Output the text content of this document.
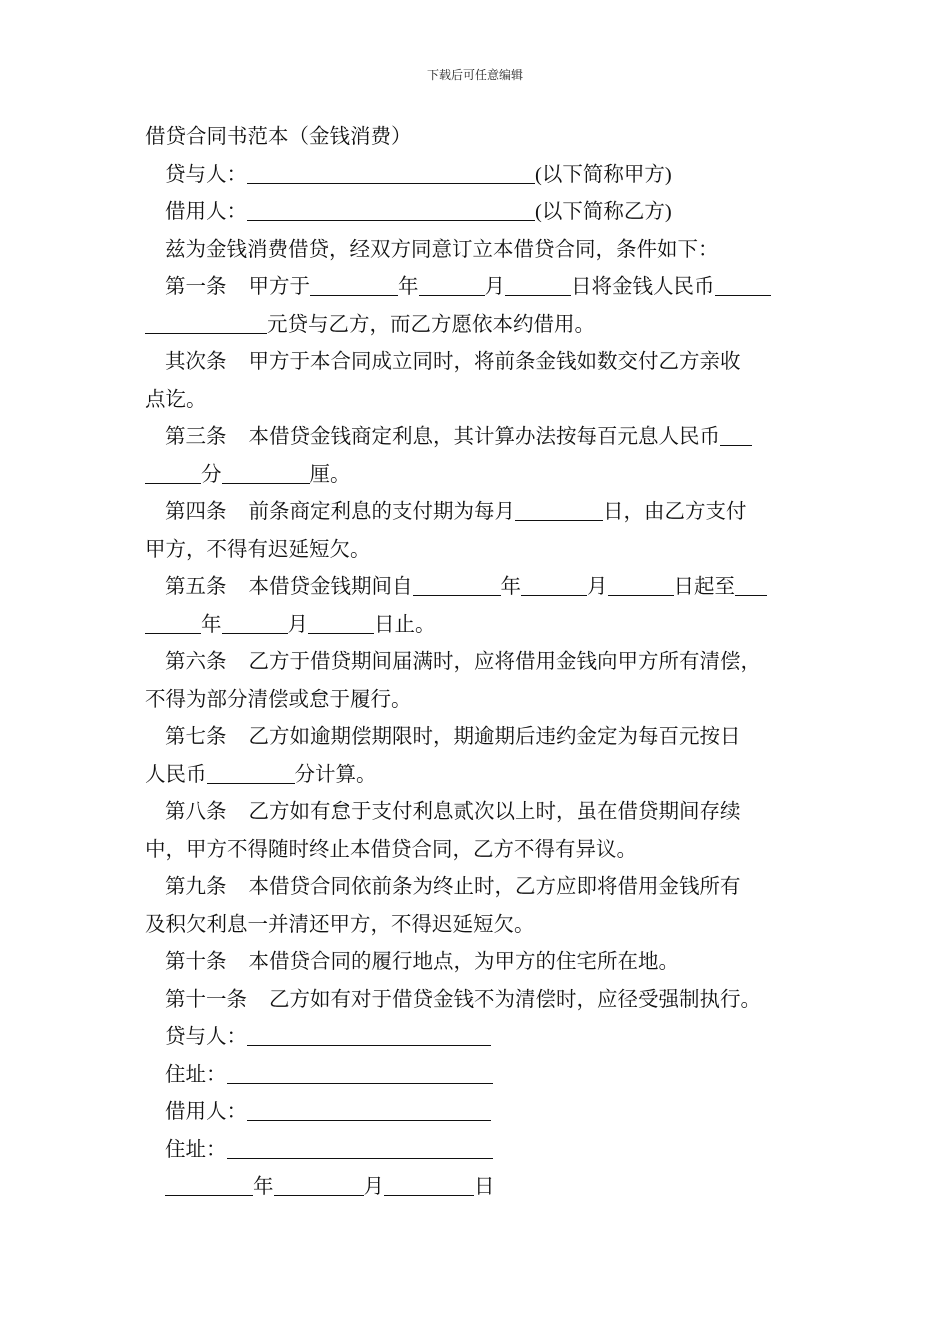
下载后可任意编辑
借贷合同书范本（金钱消费）
贷与人：	(以下简称甲方)
借用人：	(以下简称乙方)
兹为金钱消费借贷，经双方同意订立本借贷合同，条件如下：
第一条 甲方于	年	月	日将金钱人民币
元贷与乙方，而乙方愿依本约借用。
其次条 甲方于本合同成立同时，将前条金钱如数交付乙方亲收
点讫。
第三条 本借贷金钱商定利息，其计算办法按每百元息人民币
分	厘。
第四条 前条商定利息的支付期为每月	日，由乙方支付
甲方，不得有迟延短欠。
第五条 本借贷金钱期间自	年	月	日起至
年	月	日止。
第六条 乙方于借贷期间届满时，应将借用金钱向甲方所有清偿，
不得为部分清偿或怠于履行。
第七条 乙方如逾期偿期限时，期逾期后违约金定为每百元按日
人民币	分计算。
第八条 乙方如有怠于支付利息贰次以上时，虽在借贷期间存续
中，甲方不得随时终止本借贷合同，乙方不得有异议。
第九条 本借贷合同依前条为终止时，乙方应即将借用金钱所有
及积欠利息一并清还甲方，不得迟延短欠。
第十条 本借贷合同的履行地点，为甲方的住宅所在地。
第十一条 乙方如有对于借贷金钱不为清偿时，应径受强制执行。
贷与人：
住址：
借用人：
住址：
年	月	日
